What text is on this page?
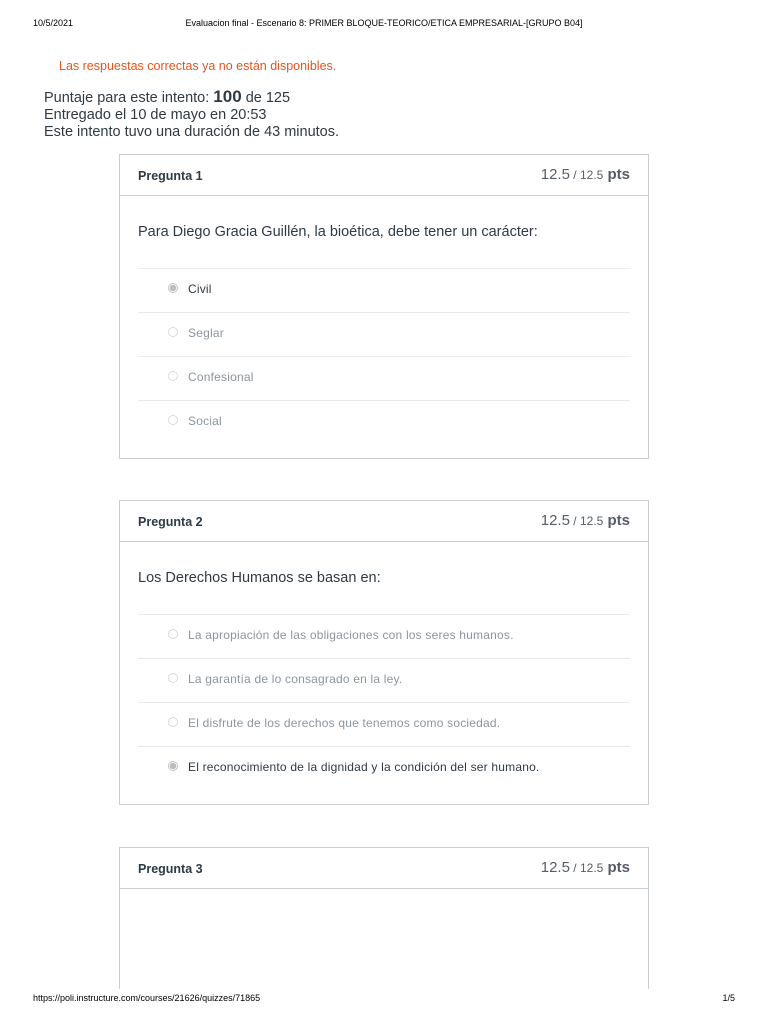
10/5/2021	Evaluacion final - Escenario 8: PRIMER BLOQUE-TEORICO/ETICA EMPRESARIAL-[GRUPO B04]
Las respuestas correctas ya no están disponibles.
Puntaje para este intento: 100 de 125
Entregado el 10 de mayo en 20:53
Este intento tuvo una duración de 43 minutos.
Pregunta 1	12.5 / 12.5 pts
Para Diego Gracia Guillén, la bioética, debe tener un carácter:
Civil
Seglar
Confesional
Social
Pregunta 2	12.5 / 12.5 pts
Los Derechos Humanos se basan en:
La apropiación de las obligaciones con los seres humanos.
La garantía de lo consagrado en la ley.
El disfrute de los derechos que tenemos como sociedad.
El reconocimiento de la dignidad y la condición del ser humano.
Pregunta 3	12.5 / 12.5 pts
https://poli.instructure.com/courses/21626/quizzes/71865	1/5
